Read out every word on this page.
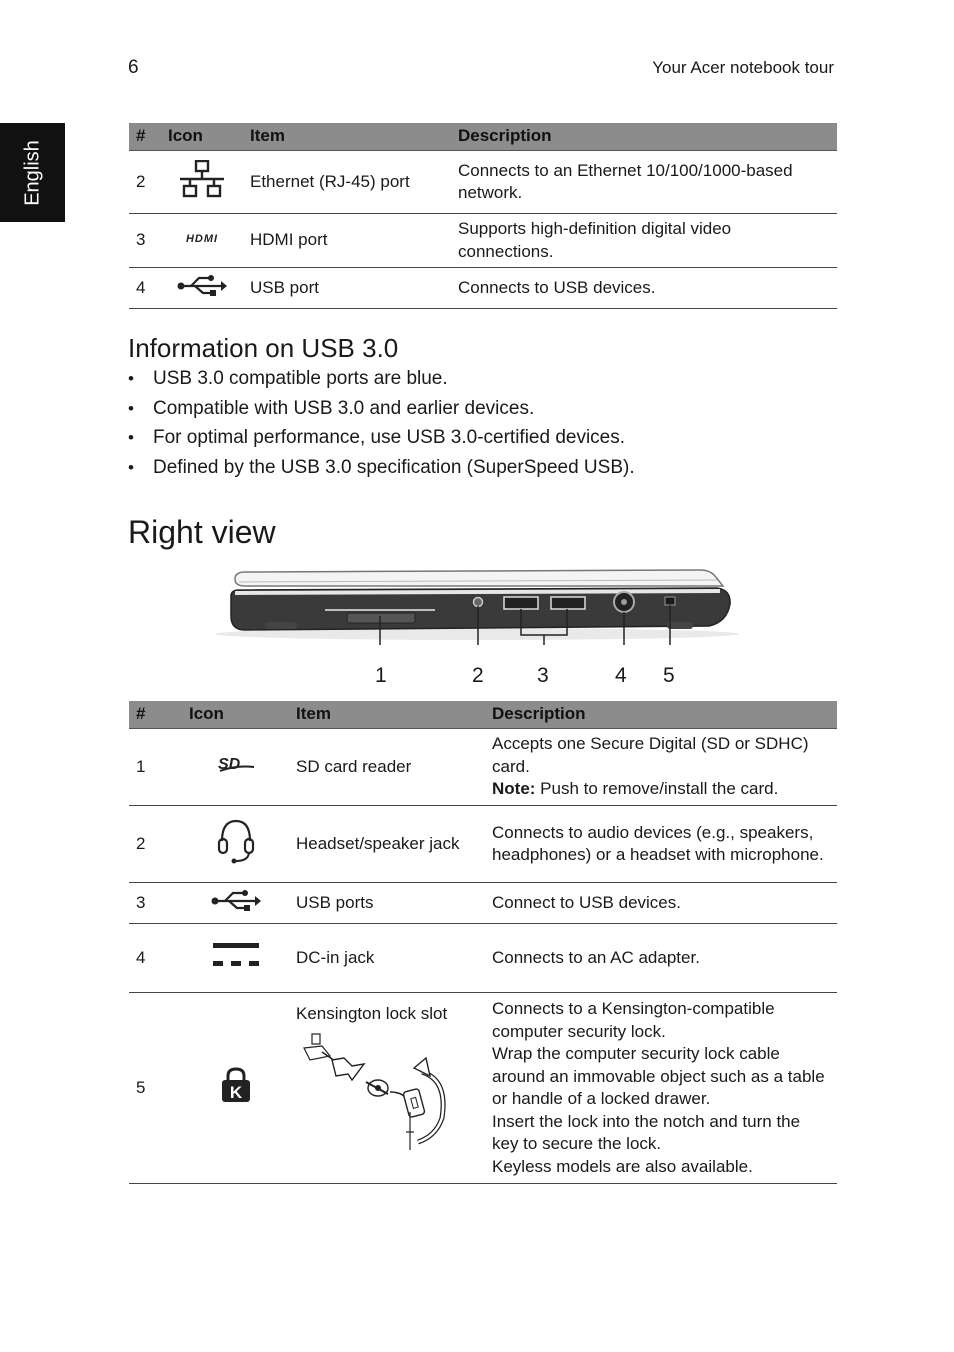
6	Your Acer notebook tour
English
#	Icon	Item	Description
2		Ethernet (RJ-45) port	Connects to an Ethernet 10/100/1000-based network.
3	HDMI	HDMI port	Supports high-definition digital video connections.
4		USB port	Connects to USB devices.
Information on USB 3.0
• USB 3.0 compatible ports are blue.
• Compatible with USB 3.0 and earlier devices.
• For optimal performance, use USB 3.0-certified devices.
• Defined by the USB 3.0 specification (SuperSpeed USB).
Right view
1	2	3	4 5
#	Icon	Item	Description
1	SD	SD card reader	Accepts one Secure Digital (SD or SDHC) card.
Note: Push to remove/install the card.
2		Headset/speaker jack	Connects to audio devices (e.g., speakers, headphones) or a headset with microphone.
3		USB ports	Connect to USB devices.
4		DC-in jack	Connects to an AC adapter.
5	K	Kensington lock slot	Connects to a Kensington-compatible computer security lock.
Wrap the computer security lock cable around an immovable object such as a table or handle of a locked drawer.
Insert the lock into the notch and turn the key to secure the lock.
Keyless models are also available.
